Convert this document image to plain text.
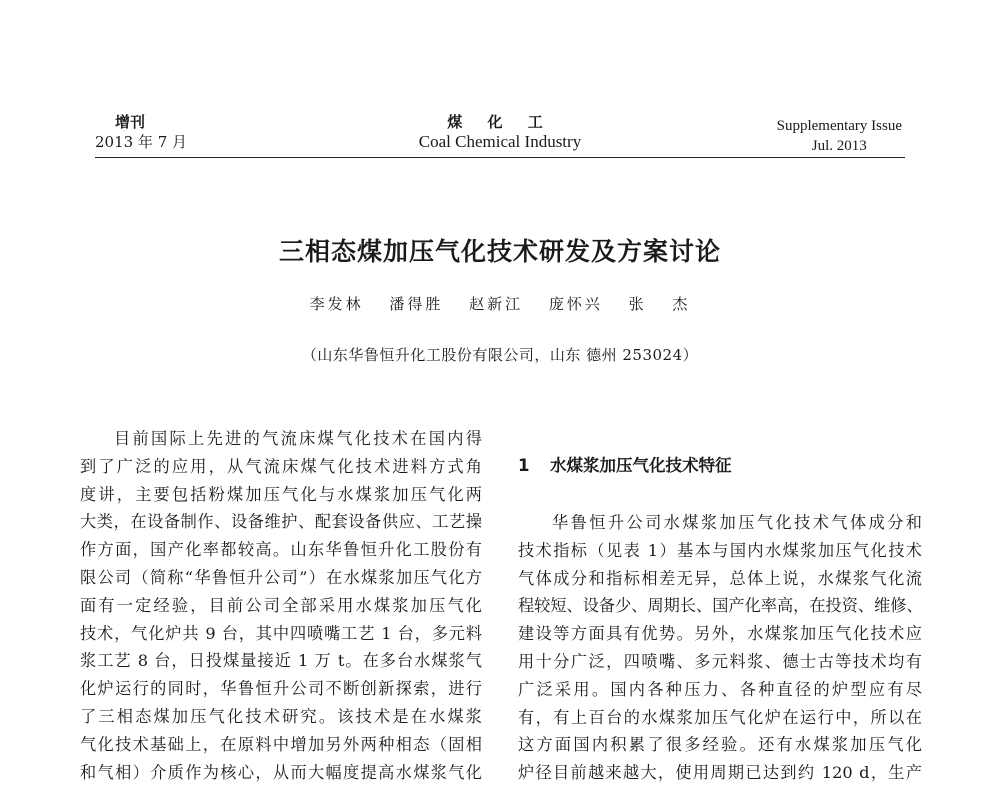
增刊
2013 年 7 月
煤 化 工
Coal Chemical Industry
Supplementary Issue
Jul. 2013
三相态煤加压气化技术研发及方案讨论
李发林 潘得胜 赵新江 庞怀兴 张 杰
（山东华鲁恒升化工股份有限公司，山东 德州 253024）
目前国际上先进的气流床煤气化技术在国内得
到了广泛的应用，从气流床煤气化技术进料方式角
度讲，主要包括粉煤加压气化与水煤浆加压气化两
大类，在设备制作、设备维护、配套设备供应、工艺操
作方面，国产化率都较高。山东华鲁恒升化工股份有
限公司（简称“华鲁恒升公司”）在水煤浆加压气化方
面有一定经验，目前公司全部采用水煤浆加压气化
技术，气化炉共 9 台，其中四喷嘴工艺 1 台，多元料
浆工艺 8 台，日投煤量接近 1 万 t。在多台水煤浆气
化炉运行的同时，华鲁恒升公司不断创新探索，进行
了三相态煤加压气化技术研究。该技术是在水煤浆
气化技术基础上，在原料中增加另外两种相态（固相
和气相）介质作为核心，从而大幅度提高水煤浆气化
1 水煤浆加压气化技术特征
华鲁恒升公司水煤浆加压气化技术气体成分和
技术指标（见表 1）基本与国内水煤浆加压气化技术
气体成分和指标相差无异，总体上说，水煤浆气化流
程较短、设备少、周期长、国产化率高，在投资、维修、
建设等方面具有优势。另外，水煤浆加压气化技术应
用十分广泛，四喷嘴、多元料浆、德士古等技术均有
广泛采用。国内各种压力、各种直径的炉型应有尽
有，有上百台的水煤浆加压气化炉在运行中，所以在
这方面国内积累了很多经验。还有水煤浆加压气化
炉径目前越来越大，使用周期已达到约 120 d，生产
